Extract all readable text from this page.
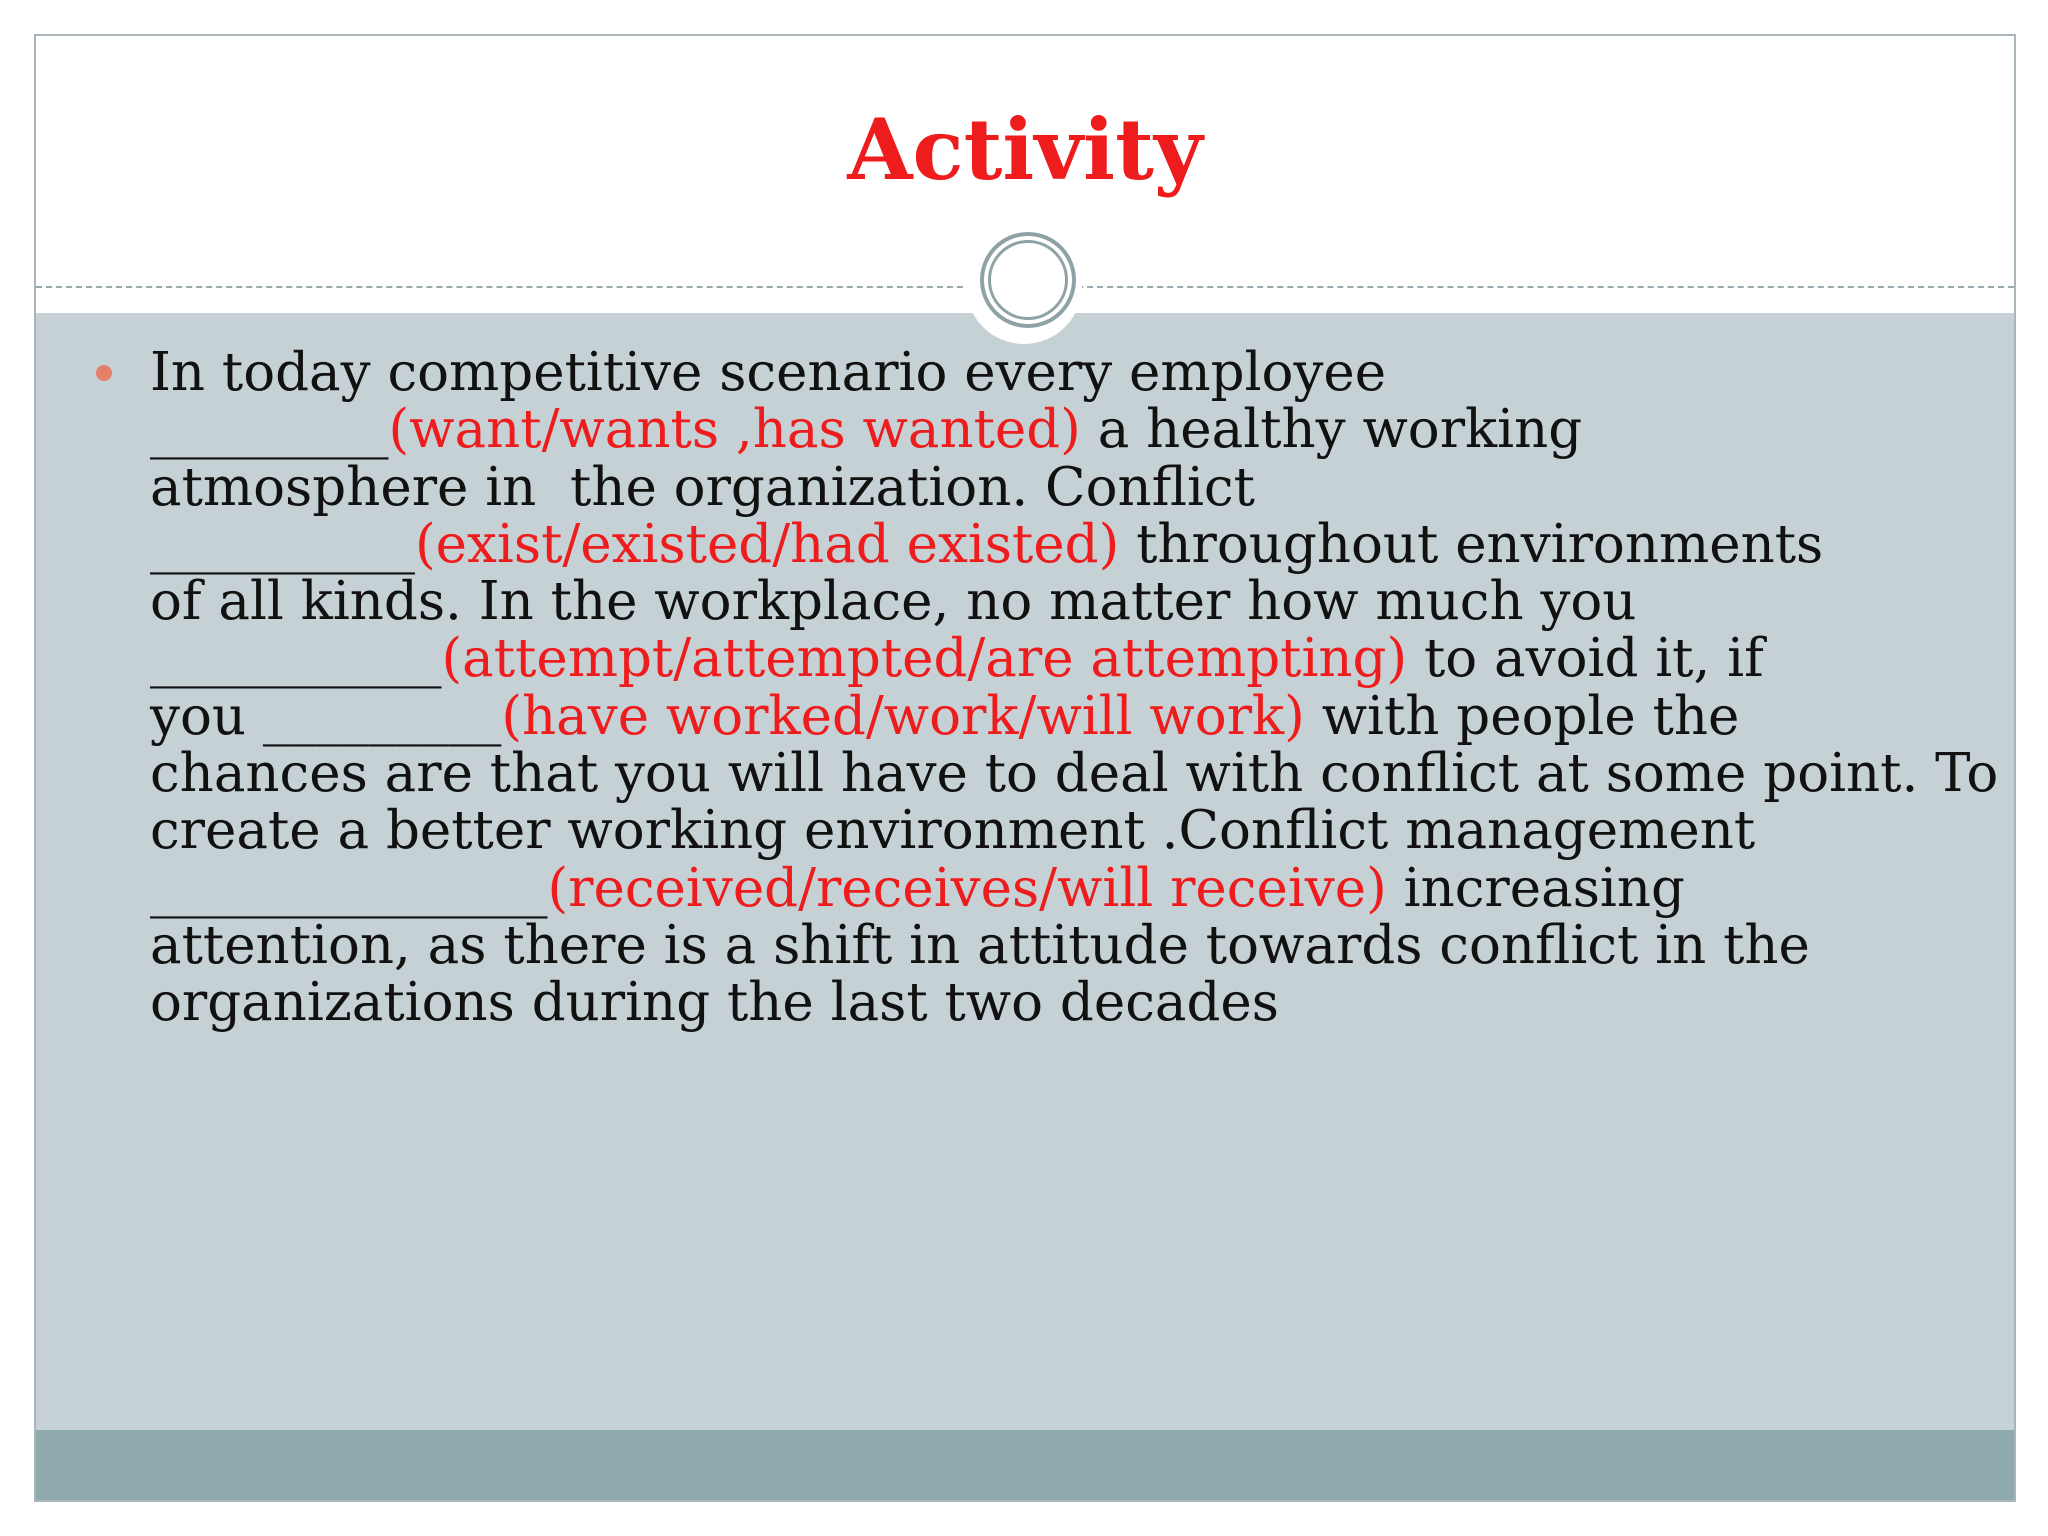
Activity
In today competitive scenario every employee
_________(want/wants ,has wanted) a healthy working
atmosphere in  the organization. Conflict
__________(exist/existed/had existed) throughout environments
of all kinds. In the workplace, no matter how much you
___________(attempt/attempted/are attempting) to avoid it, if
you _________(have worked/work/will work) with people the
chances are that you will have to deal with conflict at some point. To
create a better working environment .Conflict management
_______________(received/receives/will receive) increasing
attention, as there is a shift in attitude towards conflict in the
organizations during the last two decades
